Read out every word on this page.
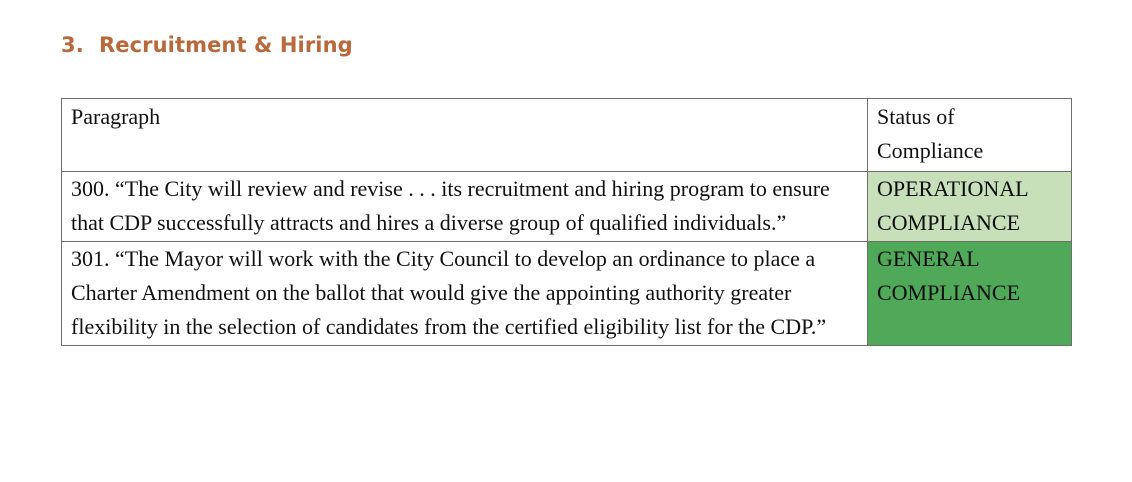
3. Recruitment & Hiring
Paragraph	Status of Compliance
300. “The City will review and revise . . . its recruitment and hiring program to ensure that CDP successfully attracts and hires a diverse group of qualified individuals.”	OPERATIONAL COMPLIANCE
301. “The Mayor will work with the City Council to develop an ordinance to place a Charter Amendment on the ballot that would give the appointing authority greater flexibility in the selection of candidates from the certified eligibility list for the CDP.”	GENERAL COMPLIANCE
